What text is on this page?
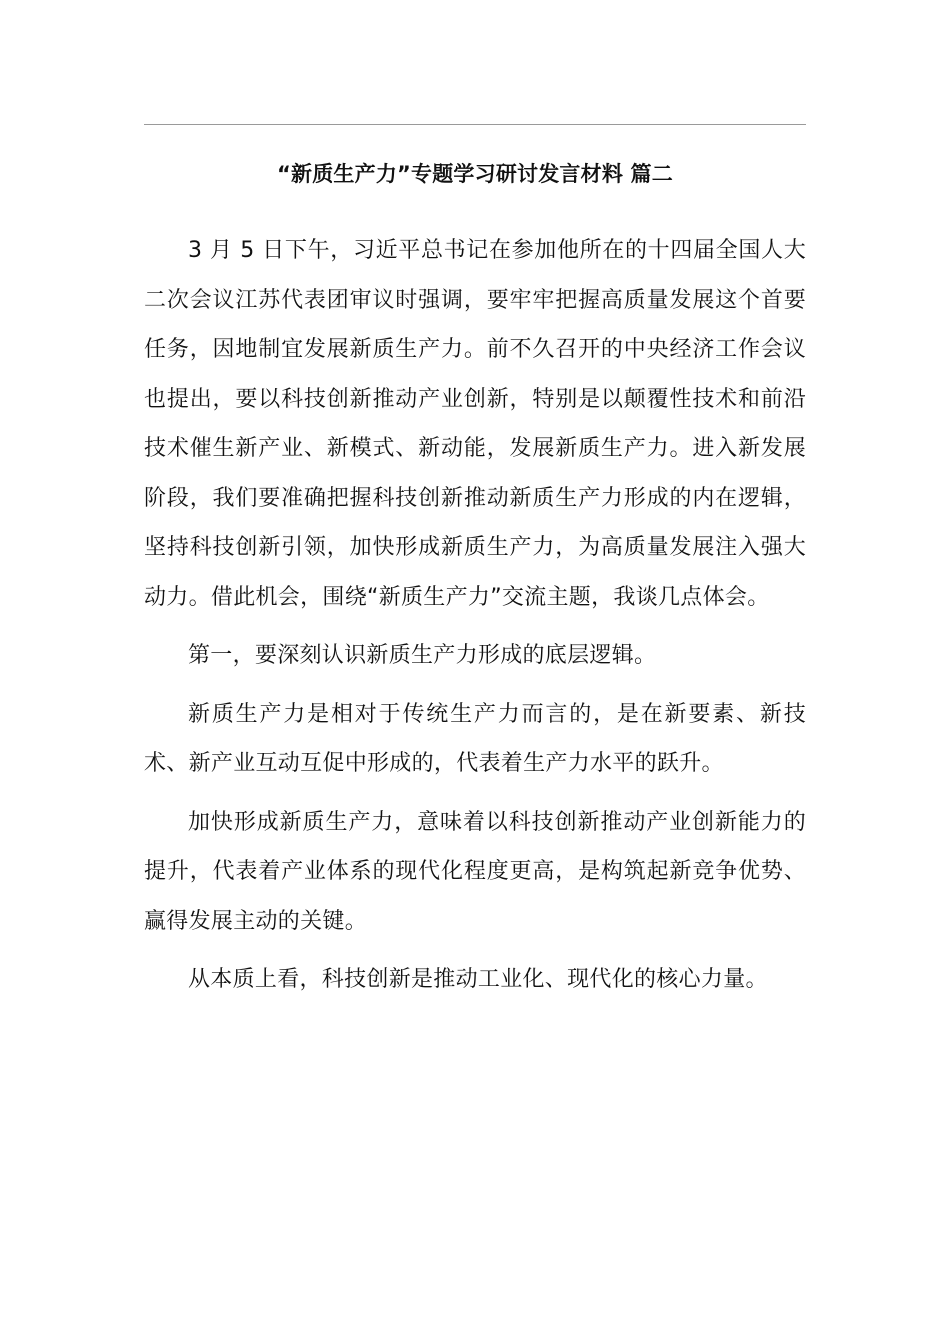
“新质生产力”专题学习研讨发言材料 篇二

3 月 5 日下午，习近平总书记在参加他所在的十四届全国人大二次会议江苏代表团审议时强调，要牢牢把握高质量发展这个首要任务，因地制宜发展新质生产力。前不久召开的中央经济工作会议也提出，要以科技创新推动产业创新，特别是以颠覆性技术和前沿技术催生新产业、新模式、新动能，发展新质生产力。进入新发展阶段，我们要准确把握科技创新推动新质生产力形成的内在逻辑，坚持科技创新引领，加快形成新质生产力，为高质量发展注入强大动力。借此机会，围绕“新质生产力”交流主题，我谈几点体会。

第一，要深刻认识新质生产力形成的底层逻辑。

新质生产力是相对于传统生产力而言的，是在新要素、新技术、新产业互动互促中形成的，代表着生产力水平的跃升。

加快形成新质生产力，意味着以科技创新推动产业创新能力的提升，代表着产业体系的现代化程度更高，是构筑起新竞争优势、赢得发展主动的关键。

从本质上看，科技创新是推动工业化、现代化的核心力量。
